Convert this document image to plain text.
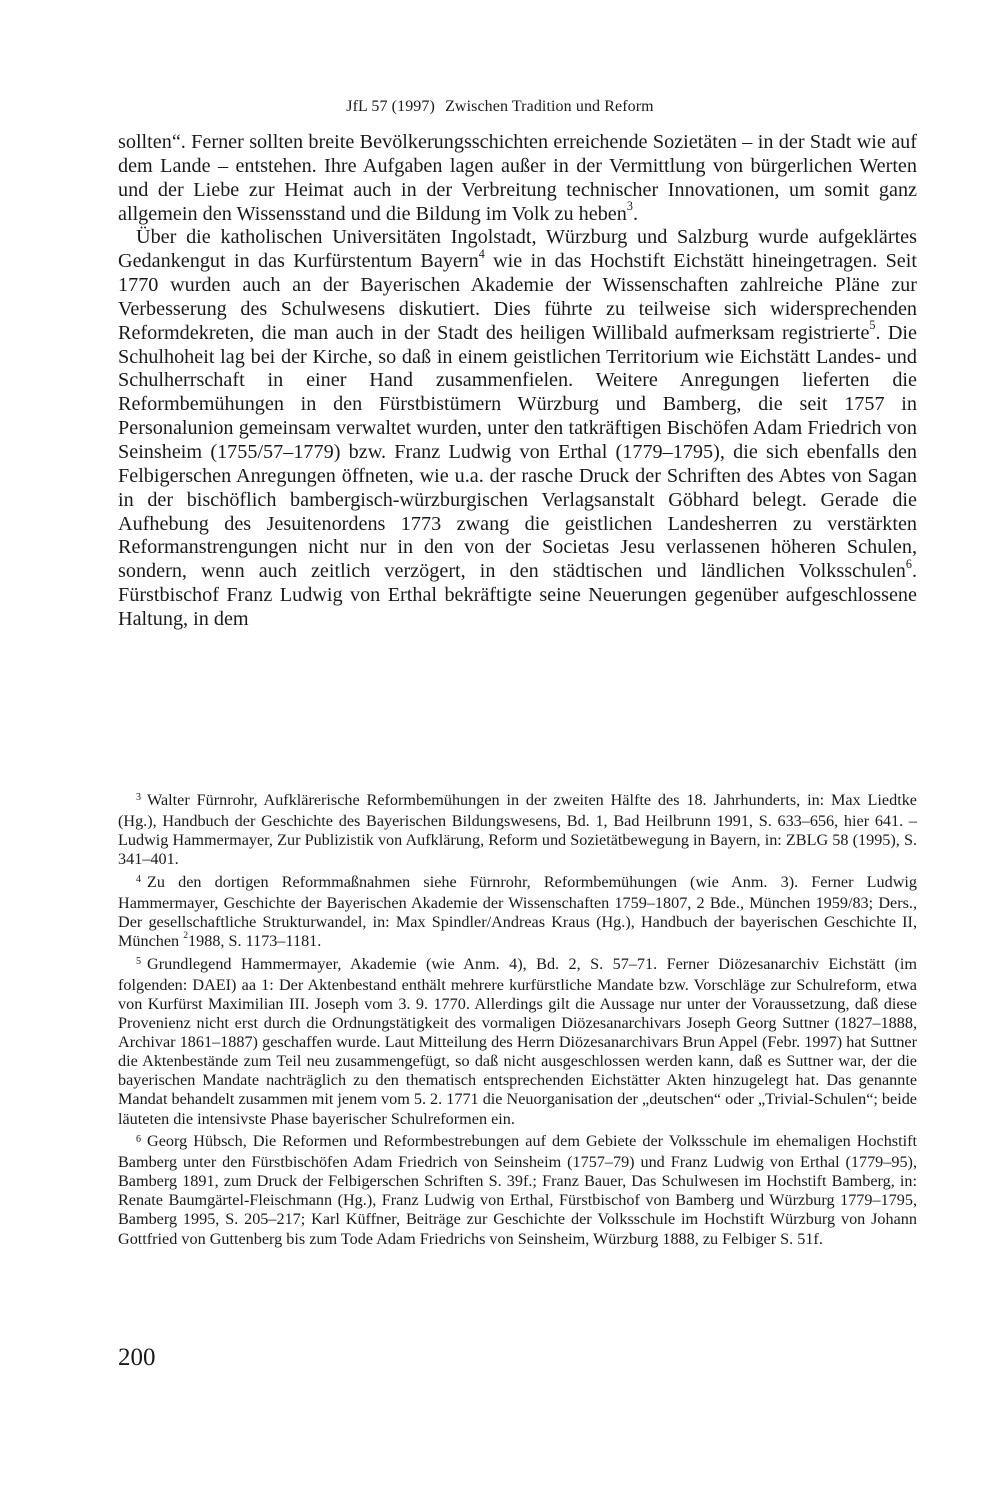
JfL 57 (1997) Zwischen Tradition und Reform

sollten“. Ferner sollten breite Bevölkerungsschichten erreichende Sozietäten – in der Stadt wie auf dem Lande – entstehen. Ihre Aufgaben lagen außer in der Vermittlung von bürgerlichen Werten und der Liebe zur Heimat auch in der Verbreitung technischer Innovationen, um somit ganz allgemein den Wissensstand und die Bildung im Volk zu heben$^3$.

Über die katholischen Universitäten Ingolstadt, Würzburg und Salzburg wurde aufgeklärtes Gedankengut in das Kurfürstentum Bayern$^4$ wie in das Hochstift Eichstätt hineingetragen. Seit 1770 wurden auch an der Bayerischen Akademie der Wissenschaften zahlreiche Pläne zur Verbesserung des Schulwesens diskutiert. Dies führte zu teilweise sich widersprechenden Reformdekreten, die man auch in der Stadt des heiligen Willibald aufmerksam registrierte$^5$. Die Schulhoheit lag bei der Kirche, so daß in einem geistlichen Territorium wie Eichstätt Landes- und Schulherrschaft in einer Hand zusammenfielen. Weitere Anregungen lieferten die Reformbemühungen in den Fürstbistümern Würzburg und Bamberg, die seit 1757 in Personalunion gemeinsam verwaltet wurden, unter den tatkräftigen Bischöfen Adam Friedrich von Seinsheim (1755/57–1779) bzw. Franz Ludwig von Erthal (1779–1795), die sich ebenfalls den Felbigerschen Anregungen öffneten, wie u.a. der rasche Druck der Schriften des Abtes von Sagan in der bischöflich bambergisch-würzburgischen Verlagsanstalt Göbhard belegt. Gerade die Aufhebung des Jesuitenordens 1773 zwang die geistlichen Landesherren zu verstärkten Reformanstrengungen nicht nur in den von der Societas Jesu verlassenen höheren Schulen, sondern, wenn auch zeitlich verzögert, in den städtischen und ländlichen Volksschulen$^6$. Fürstbischof Franz Ludwig von Erthal bekräftigte seine Neuerungen gegenüber aufgeschlossene Haltung, in dem

$^3$ Walter Fürnrohr, Aufklärerische Reformbemühungen in der zweiten Hälfte des 18. Jahrhunderts, in: Max Liedtke (Hg.), Handbuch der Geschichte des Bayerischen Bildungswesens, Bd. 1, Bad Heilbrunn 1991, S. 633–656, hier 641. – Ludwig Hammermayer, Zur Publizistik von Aufklärung, Reform und Sozietätbewegung in Bayern, in: ZBLG 58 (1995), S. 341–401.

$^4$ Zu den dortigen Reformmaßnahmen siehe Fürnrohr, Reformbemühungen (wie Anm. 3). Ferner Ludwig Hammermayer, Geschichte der Bayerischen Akademie der Wissenschaften 1759–1807, 2 Bde., München 1959/83; Ders., Der gesellschaftliche Strukturwandel, in: Max Spindler/Andreas Kraus (Hg.), Handbuch der bayerischen Geschichte II, München $^2$1988, S. 1173–1181.

$^5$ Grundlegend Hammermayer, Akademie (wie Anm. 4), Bd. 2, S. 57–71. Ferner Diözesanarchiv Eichstätt (im folgenden: DAEI) aa 1: Der Aktenbestand enthält mehrere kurfürstliche Mandate bzw. Vorschläge zur Schulreform, etwa von Kurfürst Maximilian III. Joseph vom 3. 9. 1770. Allerdings gilt die Aussage nur unter der Voraussetzung, daß diese Provenienz nicht erst durch die Ordnungstätigkeit des vormaligen Diözesanarchivars Joseph Georg Suttner (1827–1888, Archivar 1861–1887) geschaffen wurde. Laut Mitteilung des Herrn Diözesanarchivars Brun Appel (Febr. 1997) hat Suttner die Aktenbestände zum Teil neu zusammengefügt, so daß nicht ausgeschlossen werden kann, daß es Suttner war, der die bayerischen Mandate nachträglich zu den thematisch entsprechenden Eichstätter Akten hinzugelegt hat. Das genannte Mandat behandelt zusammen mit jenem vom 5. 2. 1771 die Neuorganisation der „deutschen“ oder „Trivial-Schulen“; beide läuteten die intensivste Phase bayerischer Schulreformen ein.

$^6$ Georg Hübsch, Die Reformen und Reformbestrebungen auf dem Gebiete der Volksschule im ehemaligen Hochstift Bamberg unter den Fürstbischöfen Adam Friedrich von Seinsheim (1757–79) und Franz Ludwig von Erthal (1779–95), Bamberg 1891, zum Druck der Felbigerschen Schriften S. 39f.; Franz Bauer, Das Schulwesen im Hochstift Bamberg, in: Renate Baumgärtel-Fleischmann (Hg.), Franz Ludwig von Erthal, Fürstbischof von Bamberg und Würzburg 1779–1795, Bamberg 1995, S. 205–217; Karl Küffner, Beiträge zur Geschichte der Volksschule im Hochstift Würzburg von Johann Gottfried von Guttenberg bis zum Tode Adam Friedrichs von Seinsheim, Würzburg 1888, zu Felbiger S. 51f.

200
